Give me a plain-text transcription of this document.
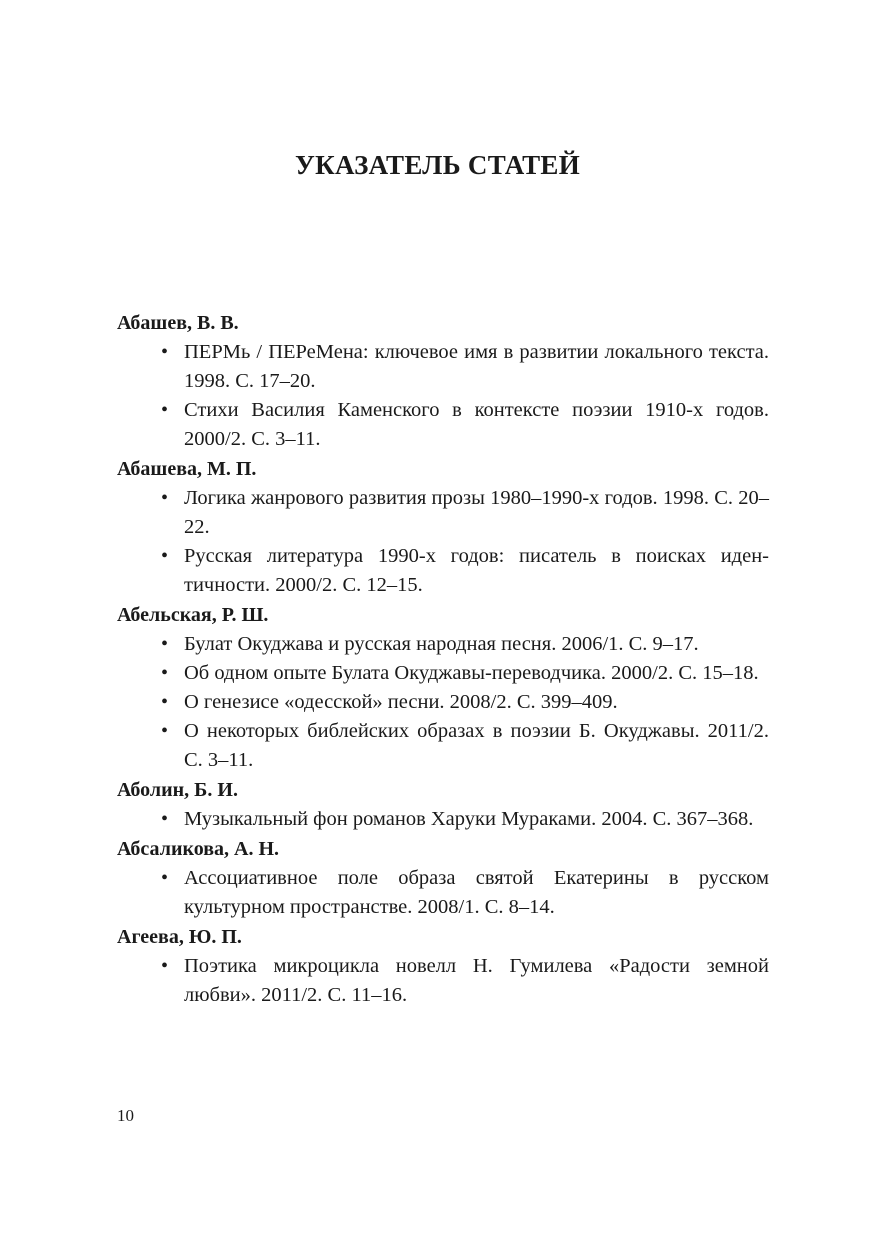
УКАЗАТЕЛЬ СТАТЕЙ

Абашев, В. В.

• ПЕРМь / ПЕРеМена: ключевое имя в развитии локального текста. 1998. С. 17–20.
• Стихи Василия Каменского в контексте поэзии 1910-х годов. 2000/2. С. 3–11.

Абашева, М. П.

• Логика жанрового развития прозы 1980–1990-х годов. 1998. С. 20–22.
• Русская литература 1990-х годов: писатель в поисках идентичности. 2000/2. С. 12–15.

Абельская, Р. Ш.

• Булат Окуджава и русская народная песня. 2006/1. С. 9–17.
• Об одном опыте Булата Окуджавы-переводчика. 2000/2. С. 15–18.
• О генезисе «одесской» песни. 2008/2. С. 399–409.
• О некоторых библейских образах в поэзии Б. Окуджавы. 2011/2. С. 3–11.

Аболин, Б. И.

• Музыкальный фон романов Харуки Мураками. 2004. С. 367–368.

Абсаликова, А. Н.

• Ассоциативное поле образа святой Екатерины в русском культурном пространстве. 2008/1. С. 8–14.

Агеева, Ю. П.

• Поэтика микроцикла новелл Н. Гумилева «Радости земной любви». 2011/2. С. 11–16.
10
